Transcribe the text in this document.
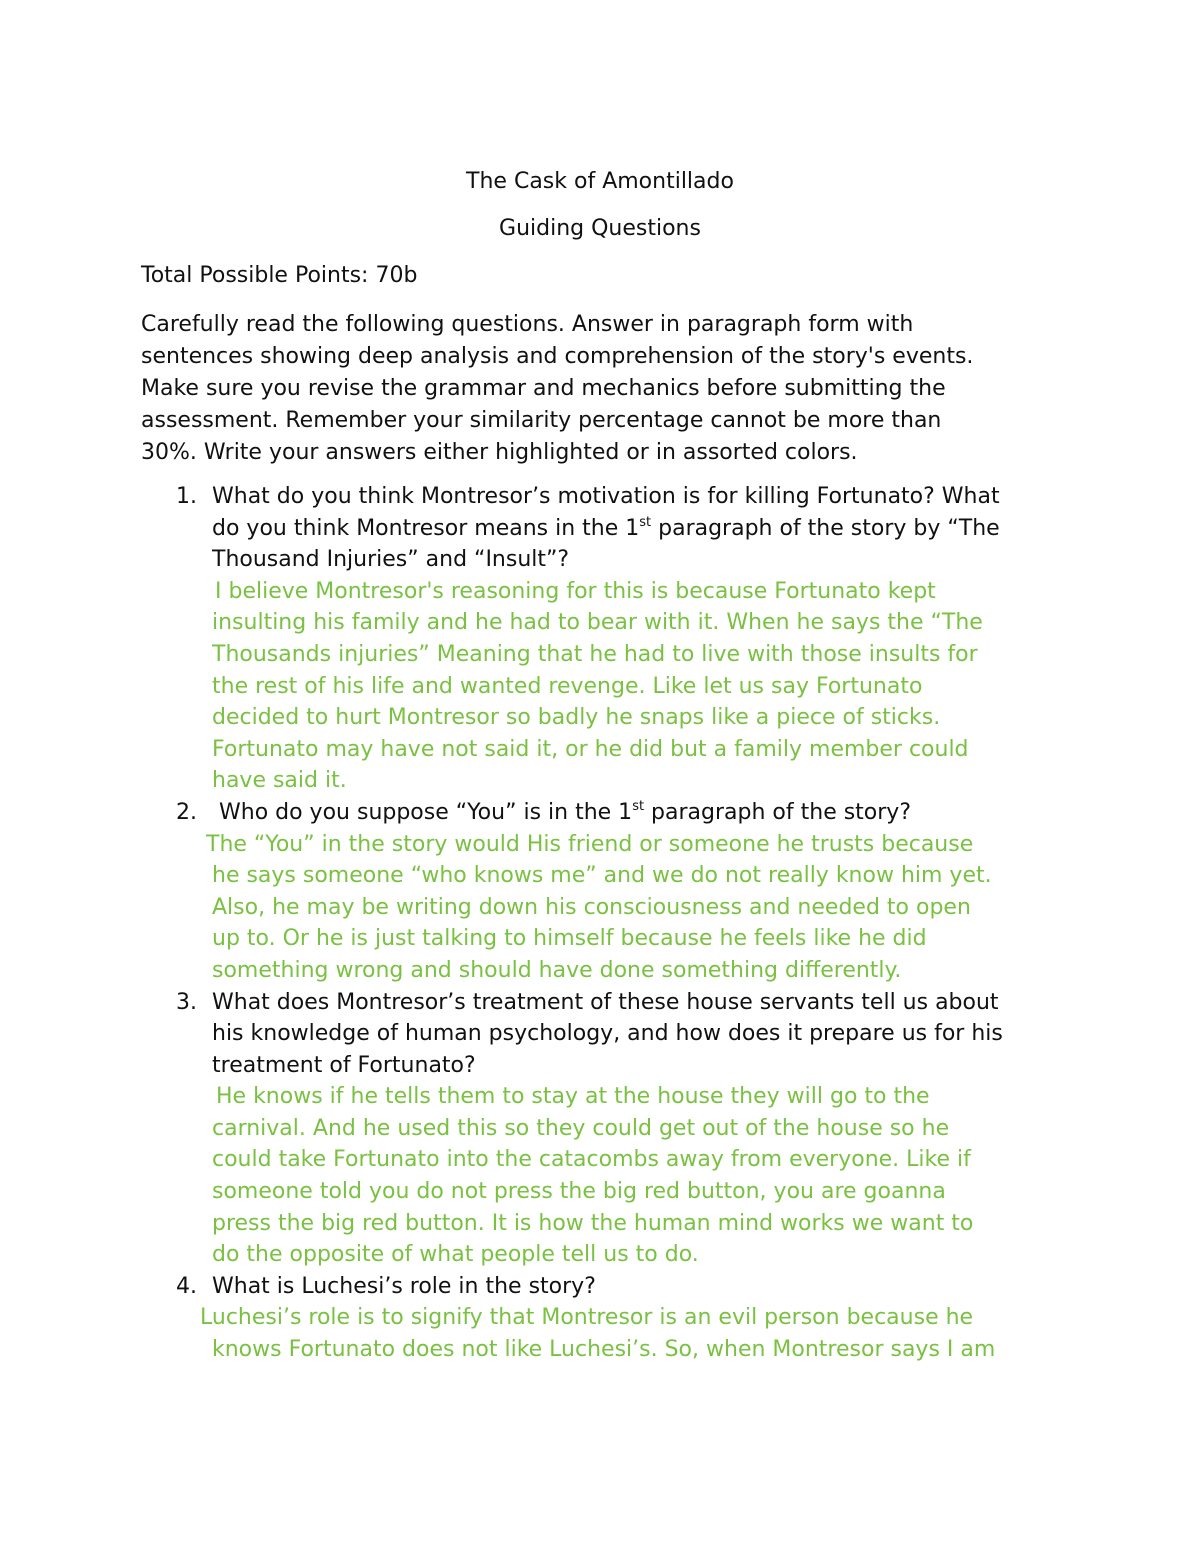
The Cask of Amontillado
Guiding Questions
Total Possible Points: 70b

Carefully read the following questions. Answer in paragraph form with
sentences showing deep analysis and comprehension of the story's events.
Make sure you revise the grammar and mechanics before submitting the
assessment. Remember your similarity percentage cannot be more than
30%. Write your answers either highlighted or in assorted colors.

1. What do you think Montresor’s motivation is for killing Fortunato? What
do you think Montresor means in the 1st paragraph of the story by “The
Thousand Injuries” and “Insult”?
I believe Montresor's reasoning for this is because Fortunato kept
insulting his family and he had to bear with it. When he says the “The
Thousands injuries” Meaning that he had to live with those insults for
the rest of his life and wanted revenge. Like let us say Fortunato
decided to hurt Montresor so badly he snaps like a piece of sticks.
Fortunato may have not said it, or he did but a family member could
have said it.
2. Who do you suppose “You” is in the 1st paragraph of the story?
The “You” in the story would His friend or someone he trusts because
he says someone “who knows me” and we do not really know him yet.
Also, he may be writing down his consciousness and needed to open
up to. Or he is just talking to himself because he feels like he did
something wrong and should have done something differently.
3. What does Montresor’s treatment of these house servants tell us about
his knowledge of human psychology, and how does it prepare us for his
treatment of Fortunato?
He knows if he tells them to stay at the house they will go to the
carnival. And he used this so they could get out of the house so he
could take Fortunato into the catacombs away from everyone. Like if
someone told you do not press the big red button, you are goanna
press the big red button. It is how the human mind works we want to
do the opposite of what people tell us to do.
4. What is Luchesi’s role in the story?
Luchesi’s role is to signify that Montresor is an evil person because he
knows Fortunato does not like Luchesi’s. So, when Montresor says I am
